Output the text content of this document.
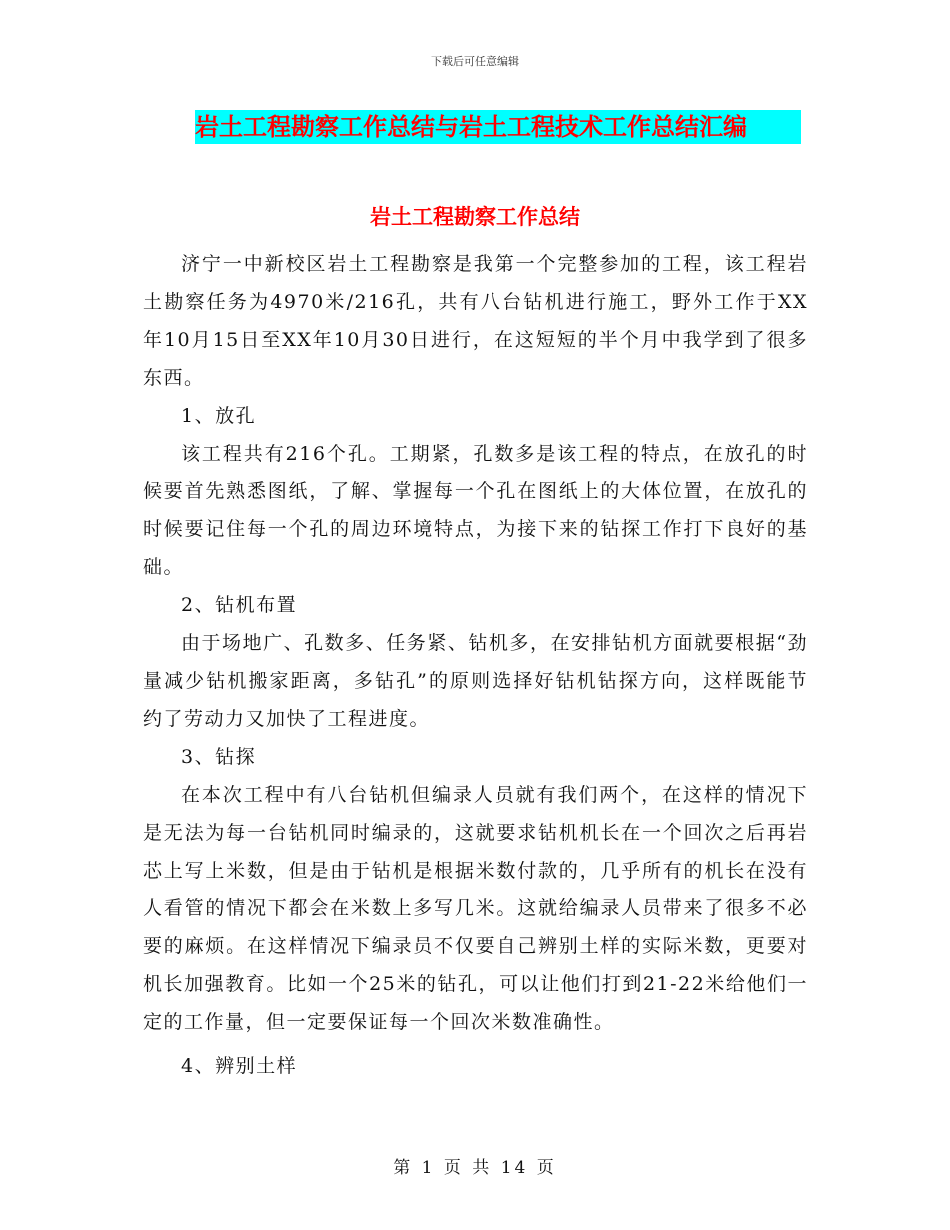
下载后可任意编辑
岩土工程勘察工作总结与岩土工程技术工作总结汇编
岩土工程勘察工作总结

济宁一中新校区岩土工程勘察是我第一个完整参加的工程，该工程岩土勘察任务为4970米/216孔，共有八台钻机进行施工，野外工作于XX年10月15日至XX年10月30日进行，在这短短的半个月中我学到了很多东西。

1、放孔

该工程共有216个孔。工期紧，孔数多是该工程的特点，在放孔的时候要首先熟悉图纸，了解、掌握每一个孔在图纸上的大体位置，在放孔的时候要记住每一个孔的周边环境特点，为接下来的钻探工作打下良好的基础。

2、钻机布置

由于场地广、孔数多、任务紧、钻机多，在安排钻机方面就要根据“劲量减少钻机搬家距离，多钻孔”的原则选择好钻机钻探方向，这样既能节约了劳动力又加快了工程进度。

3、钻探

在本次工程中有八台钻机但编录人员就有我们两个，在这样的情况下是无法为每一台钻机同时编录的，这就要求钻机机长在一个回次之后再岩芯上写上米数，但是由于钻机是根据米数付款的，几乎所有的机长在没有人看管的情况下都会在米数上多写几米。这就给编录人员带来了很多不必要的麻烦。在这样情况下编录员不仅要自己辨别土样的实际米数，更要对机长加强教育。比如一个25米的钻孔，可以让他们打到21-22米给他们一定的工作量，但一定要保证每一个回次米数准确性。

4、辨别土样

第 1 页 共 14 页
